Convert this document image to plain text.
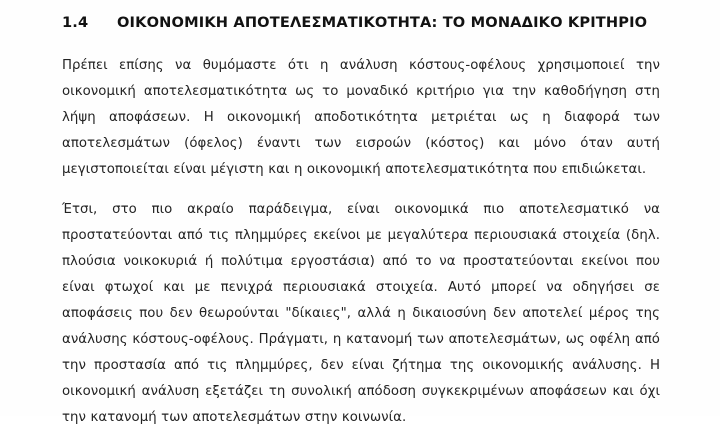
1.4	ΟΙΚΟΝΟΜΙΚΗ ΑΠΟΤΕΛΕΣΜΑΤΙΚΟΤΗΤΑ: ΤΟ ΜΟΝΑΔΙΚΟ ΚΡΙΤΗΡΙΟ

Πρέπει επίσης να θυμόμαστε ότι η ανάλυση κόστους-οφέλους χρησιμοποιεί την οικονομική αποτελεσματικότητα ως το μοναδικό κριτήριο για την καθοδήγηση στη λήψη αποφάσεων. Η οικονομική αποδοτικότητα μετριέται ως η διαφορά των αποτελεσμάτων (όφελος) έναντι των εισροών (κόστος) και μόνο όταν αυτή μεγιστοποιείται είναι μέγιστη και η οικονομική αποτελεσματικότητα που επιδιώκεται.

Έτσι, στο πιο ακραίο παράδειγμα, είναι οικονομικά πιο αποτελεσματικό να προστατεύονται από τις πλημμύρες εκείνοι με μεγαλύτερα περιουσιακά στοιχεία (δηλ. πλούσια νοικοκυριά ή πολύτιμα εργοστάσια) από το να προστατεύονται εκείνοι που είναι φτωχοί και με πενιχρά περιουσιακά στοιχεία. Αυτό μπορεί να οδηγήσει σε αποφάσεις που δεν θεωρούνται "δίκαιες", αλλά η δικαιοσύνη δεν αποτελεί μέρος της ανάλυσης κόστους-οφέλους. Πράγματι, η κατανομή των αποτελεσμάτων, ως οφέλη από την προστασία από τις πλημμύρες, δεν είναι ζήτημα της οικονομικής ανάλυσης. Η οικονομική ανάλυση εξετάζει τη συνολική απόδοση συγκεκριμένων αποφάσεων και όχι την κατανομή των αποτελεσμάτων στην κοινωνία.
